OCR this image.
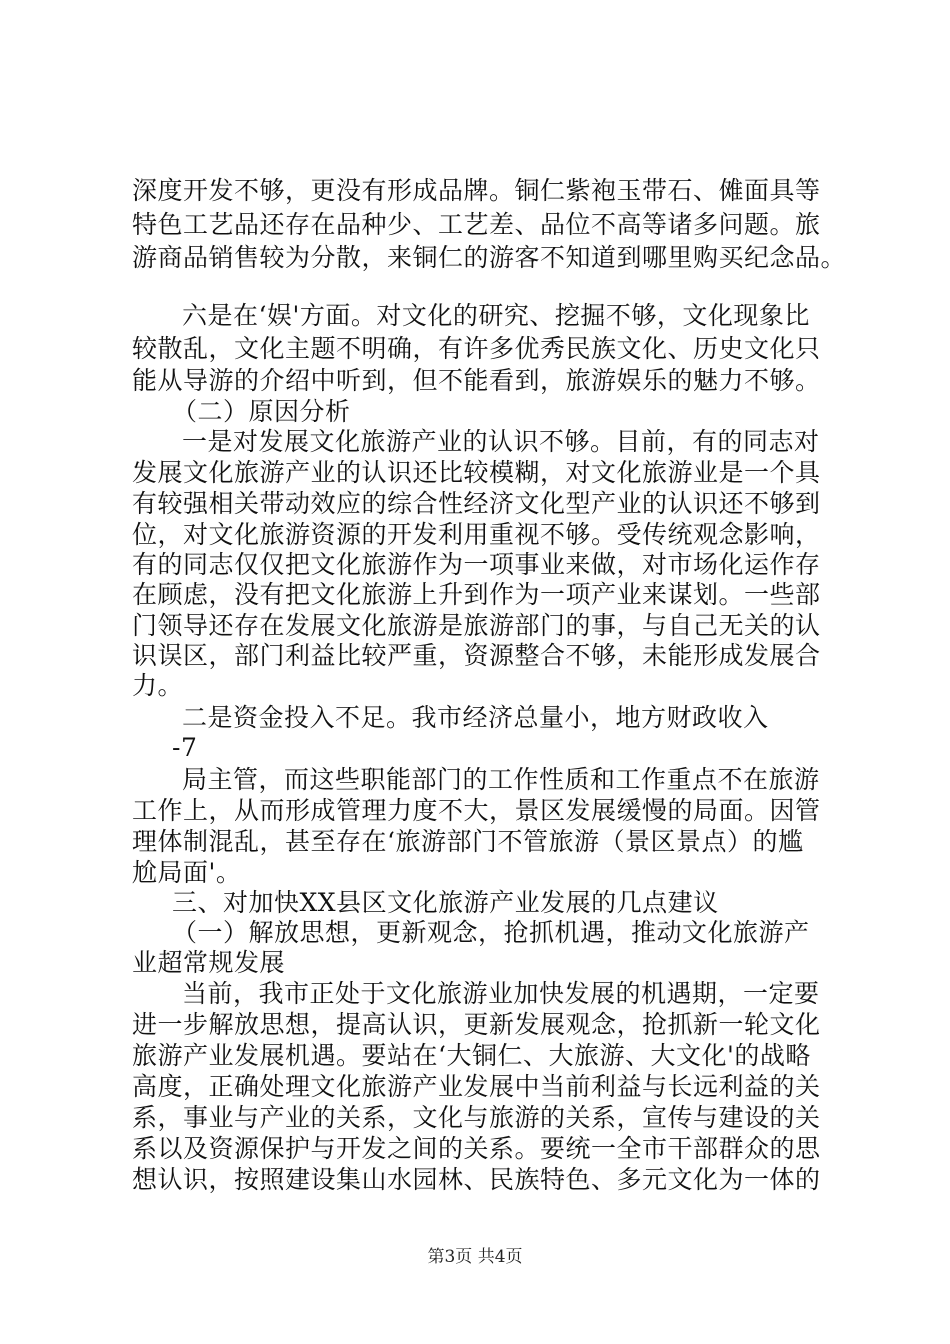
深度开发不够，更没有形成品牌。铜仁紫袍玉带石、傩面具等
特色工艺品还存在品种少、工艺差、品位不高等诸多问题。旅
游商品销售较为分散，来铜仁的游客不知道到哪里购买纪念品。
六是在‘娱'方面。对文化的研究、挖掘不够，文化现象比
较散乱，文化主题不明确，有许多优秀民族文化、历史文化只
能从导游的介绍中听到，但不能看到，旅游娱乐的魅力不够。
（二）原因分析
一是对发展文化旅游产业的认识不够。目前，有的同志对
发展文化旅游产业的认识还比较模糊，对文化旅游业是一个具
有较强相关带动效应的综合性经济文化型产业的认识还不够到
位，对文化旅游资源的开发利用重视不够。受传统观念影响，
有的同志仅仅把文化旅游作为一项事业来做，对市场化运作存
在顾虑，没有把文化旅游上升到作为一项产业来谋划。一些部
门领导还存在发展文化旅游是旅游部门的事，与自己无关的认
识误区，部门利益比较严重，资源整合不够，未能形成发展合
力。
二是资金投入不足。我市经济总量小，地方财政收入
-7
局主管，而这些职能部门的工作性质和工作重点不在旅游
工作上，从而形成管理力度不大，景区发展缓慢的局面。因管
理体制混乱，甚至存在‘旅游部门不管旅游（景区景点）的尴
尬局面'。
三、对加快XX县区文化旅游产业发展的几点建议
（一）解放思想，更新观念，抢抓机遇，推动文化旅游产
业超常规发展
当前，我市正处于文化旅游业加快发展的机遇期，一定要
进一步解放思想，提高认识，更新发展观念，抢抓新一轮文化
旅游产业发展机遇。要站在‘大铜仁、大旅游、大文化'的战略
高度，正确处理文化旅游产业发展中当前利益与长远利益的关
系，事业与产业的关系，文化与旅游的关系，宣传与建设的关
系以及资源保护与开发之间的关系。要统一全市干部群众的思
想认识，按照建设集山水园林、民族特色、多元文化为一体的
第3页 共4页
